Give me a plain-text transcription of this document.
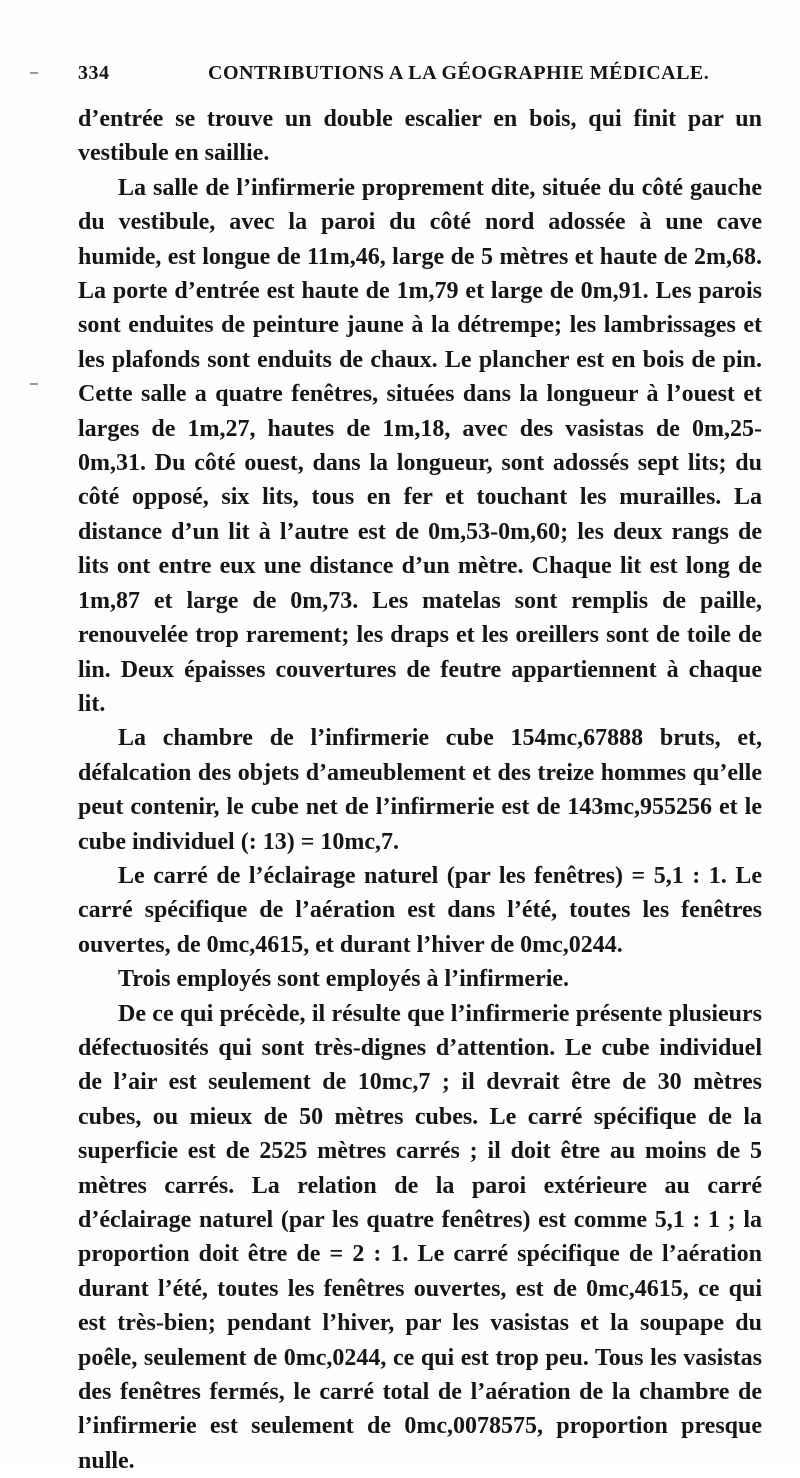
334	CONTRIBUTIONS A LA GÉOGRAPHIE MÉDICALE.

d’entrée se trouve un double escalier en bois, qui finit par un vestibule en saillie.

La salle de l’infirmerie proprement dite, située du côté gauche du vestibule, avec la paroi du côté nord adossée à une cave humide, est longue de 11m,46, large de 5 mètres et haute de 2m,68. La porte d’entrée est haute de 1m,79 et large de 0m,91. Les parois sont enduites de peinture jaune à la détrempe; les lambrissages et les plafonds sont enduits de chaux. Le plancher est en bois de pin. Cette salle a quatre fenêtres, situées dans la longueur à l’ouest et larges de 1m,27, hautes de 1m,18, avec des vasistas de 0m,25-0m,31. Du côté ouest, dans la longueur, sont adossés sept lits; du côté opposé, six lits, tous en fer et touchant les murailles. La distance d’un lit à l’autre est de 0m,53-0m,60; les deux rangs de lits ont entre eux une distance d’un mètre. Chaque lit est long de 1m,87 et large de 0m,73. Les matelas sont remplis de paille, renouvelée trop rarement; les draps et les oreillers sont de toile de lin. Deux épaisses couvertures de feutre appartiennent à chaque lit.

La chambre de l’infirmerie cube 154mc,67888 bruts, et, défalcation des objets d’ameublement et des treize hommes qu’elle peut contenir, le cube net de l’infirmerie est de 143mc,955256 et le cube individuel (: 13) = 10mc,7.

Le carré de l’éclairage naturel (par les fenêtres) = 5,1 : 1. Le carré spécifique de l’aération est dans l’été, toutes les fenêtres ouvertes, de 0mc,4615, et durant l’hiver de 0mc,0244.

Trois employés sont employés à l’infirmerie.

De ce qui précède, il résulte que l’infirmerie présente plusieurs défectuosités qui sont très-dignes d’attention. Le cube individuel de l’air est seulement de 10mc,7 ; il devrait être de 30 mètres cubes, ou mieux de 50 mètres cubes. Le carré spécifique de la superficie est de 2525 mètres carrés ; il doit être au moins de 5 mètres carrés. La relation de la paroi extérieure au carré d’éclairage naturel (par les quatre fenêtres) est comme 5,1 : 1 ; la proportion doit être de = 2 : 1. Le carré spécifique de l’aération durant l’été, toutes les fenêtres ouvertes, est de 0mc,4615, ce qui est très-bien; pendant l’hiver, par les vasistas et la soupape du poêle, seulement de 0mc,0244, ce qui est trop peu. Tous les vasistas des fenêtres fermés, le carré total de l’aération de la chambre de l’infirmerie est seulement de 0mc,0078575, proportion presque nulle.
